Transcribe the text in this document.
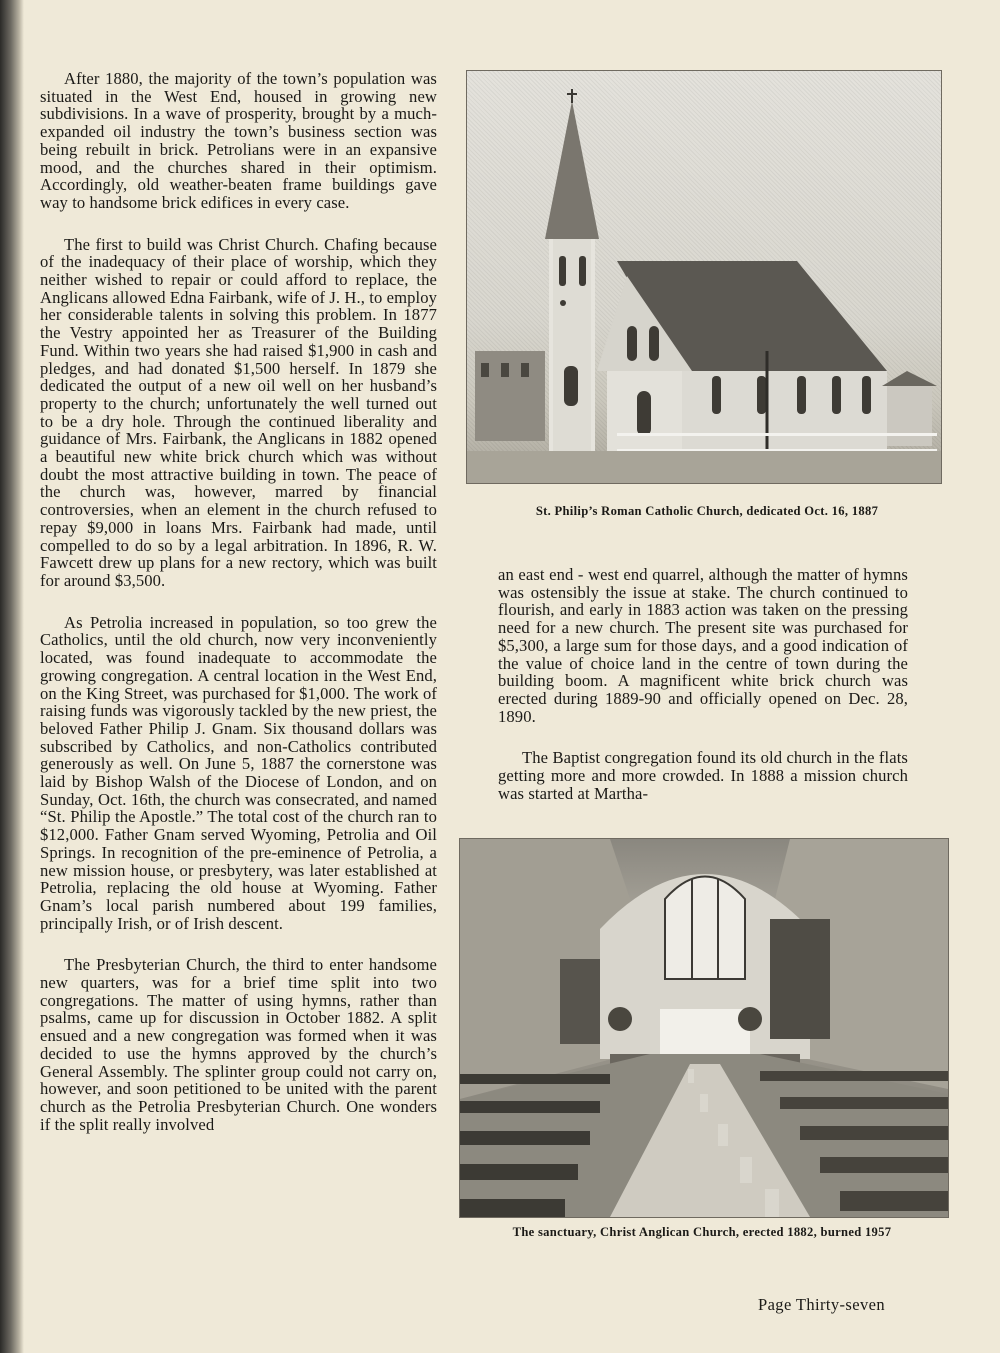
After 1880, the majority of the town’s population was situated in the West End, housed in growing new subdivisions. In a wave of prosperity, brought by a much-expanded oil industry the town’s business section was being rebuilt in brick. Petrolians were in an expansive mood, and the churches shared in their optimism. Accordingly, old weather-beaten frame buildings gave way to handsome brick edifices in every case.

The first to build was Christ Church. Chafing because of the inadequacy of their place of worship, which they neither wished to repair or could afford to replace, the Anglicans allowed Edna Fairbank, wife of J. H., to employ her considerable talents in solving this problem. In 1877 the Vestry appointed her as Treasurer of the Building Fund. Within two years she had raised $1,900 in cash and pledges, and had donated $1,500 herself. In 1879 she dedicated the output of a new oil well on her husband’s property to the church; unfortunately the well turned out to be a dry hole. Through the continued liberality and guidance of Mrs. Fairbank, the Anglicans in 1882 opened a beautiful new white brick church which was without doubt the most attractive building in town. The peace of the church was, however, marred by financial controversies, when an element in the church refused to repay $9,000 in loans Mrs. Fairbank had made, until compelled to do so by a legal arbitration. In 1896, R. W. Fawcett drew up plans for a new rectory, which was built for around $3,500.

As Petrolia increased in population, so too grew the Catholics, until the old church, now very inconveniently located, was found inadequate to accommodate the growing congregation. A central location in the West End, on the King Street, was purchased for $1,000. The work of raising funds was vigorously tackled by the new priest, the beloved Father Philip J. Gnam. Six thousand dollars was subscribed by Catholics, and non-Catholics contributed generously as well. On June 5, 1887 the cornerstone was laid by Bishop Walsh of the Diocese of London, and on Sunday, Oct. 16th, the church was consecrated, and named “St. Philip the Apostle.” The total cost of the church ran to $12,000. Father Gnam served Wyoming, Petrolia and Oil Springs. In recognition of the pre-eminence of Petrolia, a new mission house, or presbytery, was later established at Petrolia, replacing the old house at Wyoming. Father Gnam’s local parish numbered about 199 families, principally Irish, or of Irish descent.

The Presbyterian Church, the third to enter handsome new quarters, was for a brief time split into two congregations. The matter of using hymns, rather than psalms, came up for discussion in October 1882. A split ensued and a new congregation was formed when it was decided to use the hymns approved by the church’s General Assembly. The splinter group could not carry on, however, and soon petitioned to be united with the parent church as the Petrolia Presbyterian Church. One wonders if the split really involved

St. Philip’s Roman Catholic Church, dedicated Oct. 16, 1887

an east end - west end quarrel, although the matter of hymns was ostensibly the issue at stake. The church continued to flourish, and early in 1883 action was taken on the pressing need for a new church. The present site was purchased for $5,300, a large sum for those days, and a good indication of the value of choice land in the centre of town during the building boom. A magnificent white brick church was erected during 1889-90 and officially opened on Dec. 28, 1890.

The Baptist congregation found its old church in the flats getting more and more crowded. In 1888 a mission church was started at Martha-

The sanctuary, Christ Anglican Church, erected 1882, burned 1957
Page Thirty-seven
